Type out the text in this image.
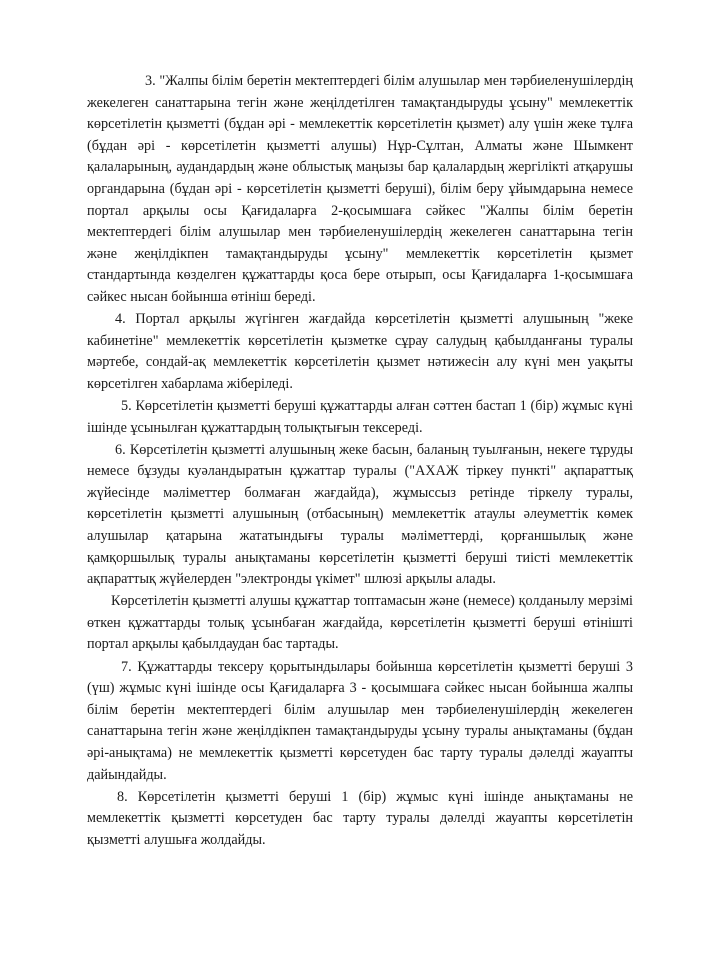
3. "Жалпы білім беретін мектептердегі білім алушылар мен тәрбиеленушілердің жекелеген санаттарына тегін және жеңілдетілген тамақтандыруды ұсыну" мемлекеттік көрсетілетін қызметті (бұдан әрі - мемлекеттік көрсетілетін қызмет) алу үшін жеке тұлға (бұдан әрі - көрсетілетін қызметті алушы) Нұр-Сұлтан, Алматы және Шымкент қалаларының, аудандардың және облыстық маңызы бар қалалардың жергілікті атқарушы органдарына (бұдан әрі - көрсетілетін қызметті беруші), білім беру ұйымдарына немесе портал арқылы осы Қағидаларға 2-қосымшаға сәйкес "Жалпы білім беретін мектептердегі білім алушылар мен тәрбиеленушілердің жекелеген санаттарына тегін және жеңілдікпен тамақтандыруды ұсыну" мемлекеттік көрсетілетін қызмет стандартында көзделген құжаттарды қоса бере отырып, осы Қағидаларға 1-қосымшаға сәйкес нысан бойынша өтініш береді.

4. Портал арқылы жүгінген жағдайда көрсетілетін қызметті алушының "жеке кабинетіне" мемлекеттік көрсетілетін қызметке сұрау салудың қабылданғаны туралы мәртебе, сондай-ақ мемлекеттік көрсетілетін қызмет нәтижесін алу күні мен уақыты көрсетілген хабарлама жіберіледі.

5. Көрсетілетін қызметті беруші құжаттарды алған сәттен бастап 1 (бір) жұмыс күні ішінде ұсынылған құжаттардың толықтығын тексереді.

6. Көрсетілетін қызметті алушының жеке басын, баланың туылғанын, некеге тұруды немесе бұзуды куәландыратын құжаттар туралы ("АХАЖ тіркеу пункті" ақпараттық жүйесінде мәліметтер болмаған жағдайда), жұмыссыз ретінде тіркелу туралы, көрсетілетін қызметті алушының (отбасының) мемлекеттік атаулы әлеуметтік көмек алушылар қатарына жататындығы туралы мәліметтерді, қорғаншылық және қамқоршылық туралы анықтаманы көрсетілетін қызметті беруші тиісті мемлекеттік ақпараттық жүйелерден "электронды үкімет" шлюзі арқылы алады.

Көрсетілетін қызметті алушы құжаттар топтамасын және (немесе) қолданылу мерзімі өткен құжаттарды толық ұсынбаған жағдайда, көрсетілетін қызметті беруші өтінішті портал арқылы қабылдаудан бас тартады.

7. Құжаттарды тексеру қорытындылары бойынша көрсетілетін қызметті беруші 3 (үш) жұмыс күні ішінде осы Қағидаларға 3 - қосымшаға сәйкес нысан бойынша жалпы білім беретін мектептердегі білім алушылар мен тәрбиеленушілердің жекелеген санаттарына тегін және жеңілдікпен тамақтандыруды ұсыну туралы анықтаманы (бұдан әрі-анықтама) не мемлекеттік қызметті көрсетуден бас тарту туралы дәлелді жауапты дайындайды.

8. Көрсетілетін қызметті беруші 1 (бір) жұмыс күні ішінде анықтаманы не мемлекеттік қызметті көрсетуден бас тарту туралы дәлелді жауапты көрсетілетін қызметті алушыға жолдайды.
